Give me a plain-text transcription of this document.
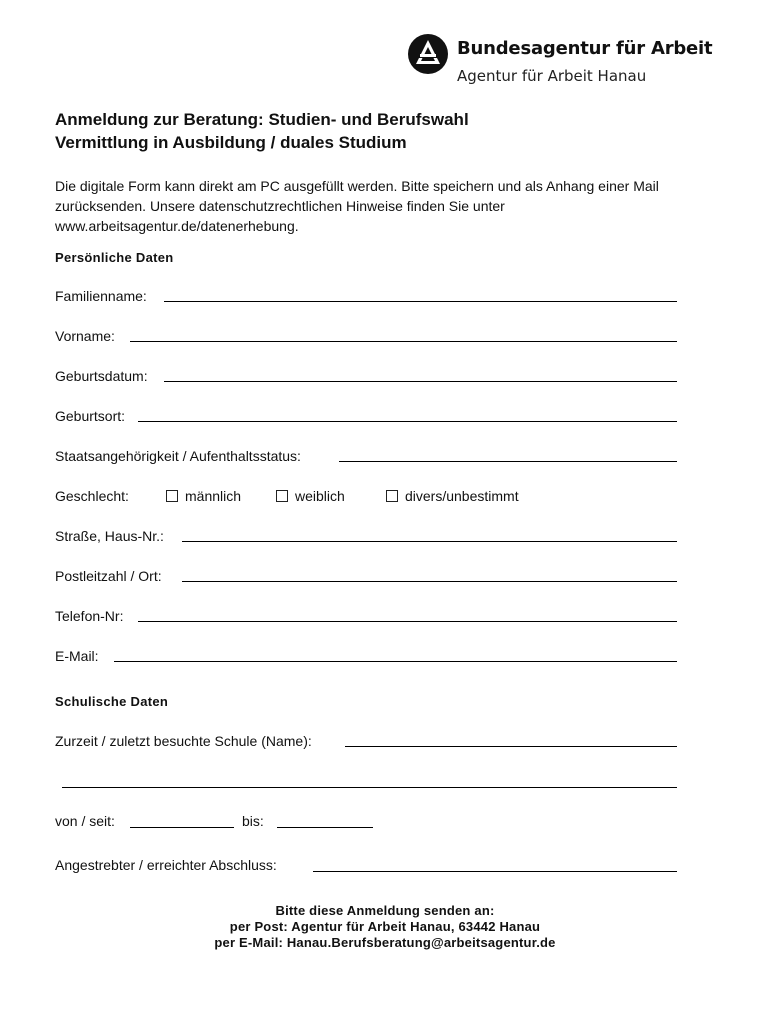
Bundesagentur für Arbeit
Agentur für Arbeit Hanau
Anmeldung zur Beratung: Studien- und Berufswahl
Vermittlung in Ausbildung / duales Studium
Die digitale Form kann direkt am PC ausgefüllt werden. Bitte speichern und als Anhang einer Mail zurücksenden. Unsere datenschutzrechtlichen Hinweise finden Sie unter www.arbeitsagentur.de/datenerhebung.
Persönliche Daten
Familienname:
Vorname:
Geburtsdatum:
Geburtsort:
Staatsangehörigkeit / Aufenthaltsstatus:
Geschlecht:	männlich	weiblich	divers/unbestimmt
Straße, Haus-Nr.:
Postleitzahl / Ort:
Telefon-Nr:
E-Mail:
Schulische Daten
Zurzeit / zuletzt besuchte Schule (Name):
von / seit:	bis:
Angestrebter / erreichter Abschluss:
Bitte diese Anmeldung senden an:
per Post: Agentur für Arbeit Hanau, 63442 Hanau
per E-Mail: Hanau.Berufsberatung@arbeitsagentur.de
